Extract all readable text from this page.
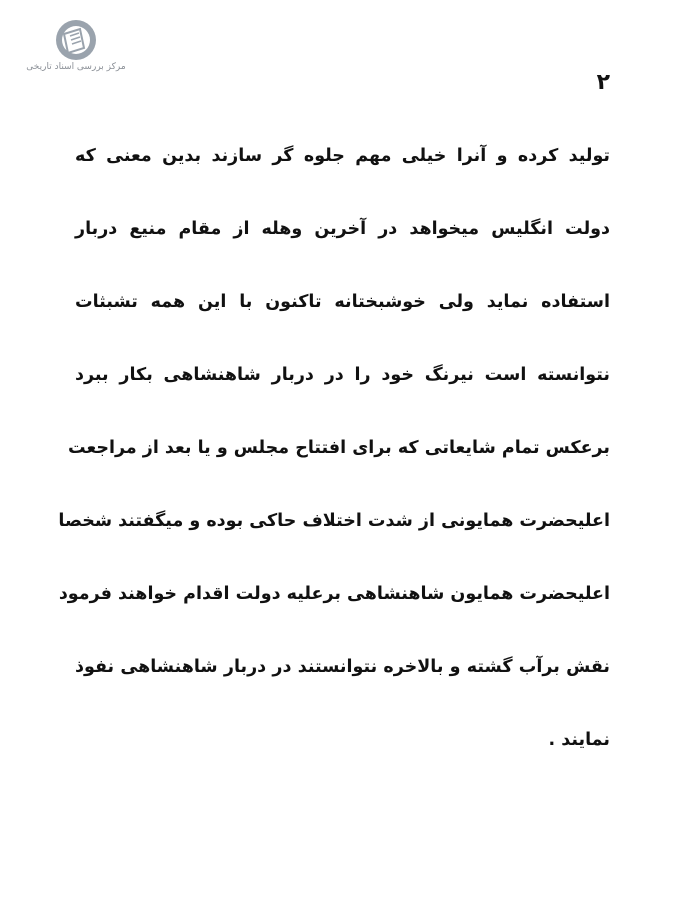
مرکز بررسی اسناد تاریخی
۲
تولید کرده و آنرا خیلی مهم جلوه گر سازند بدین معنی که
دولت انگلیس میخواهد در آخرین وهله از مقام منیع دربار
استفاده نماید ولی خوشبختانه تاکنون با این همه تشبثات
نتوانسته است نیرنگ خود را در دربار شاهنشاهی بکار ببرد
برعکس تمام شایعاتی که برای افتتاح مجلس و یا بعد از مراجعت
اعلیحضرت همایونی از شدت اختلاف حاکی بوده و میگفتند شخصا
اعلیحضرت همایون شاهنشاهی برعلیه دولت اقدام خواهند فرمود
نقش برآب گشته و بالاخره نتوانستند در دربار شاهنشاهی نفوذ
نمایند .
